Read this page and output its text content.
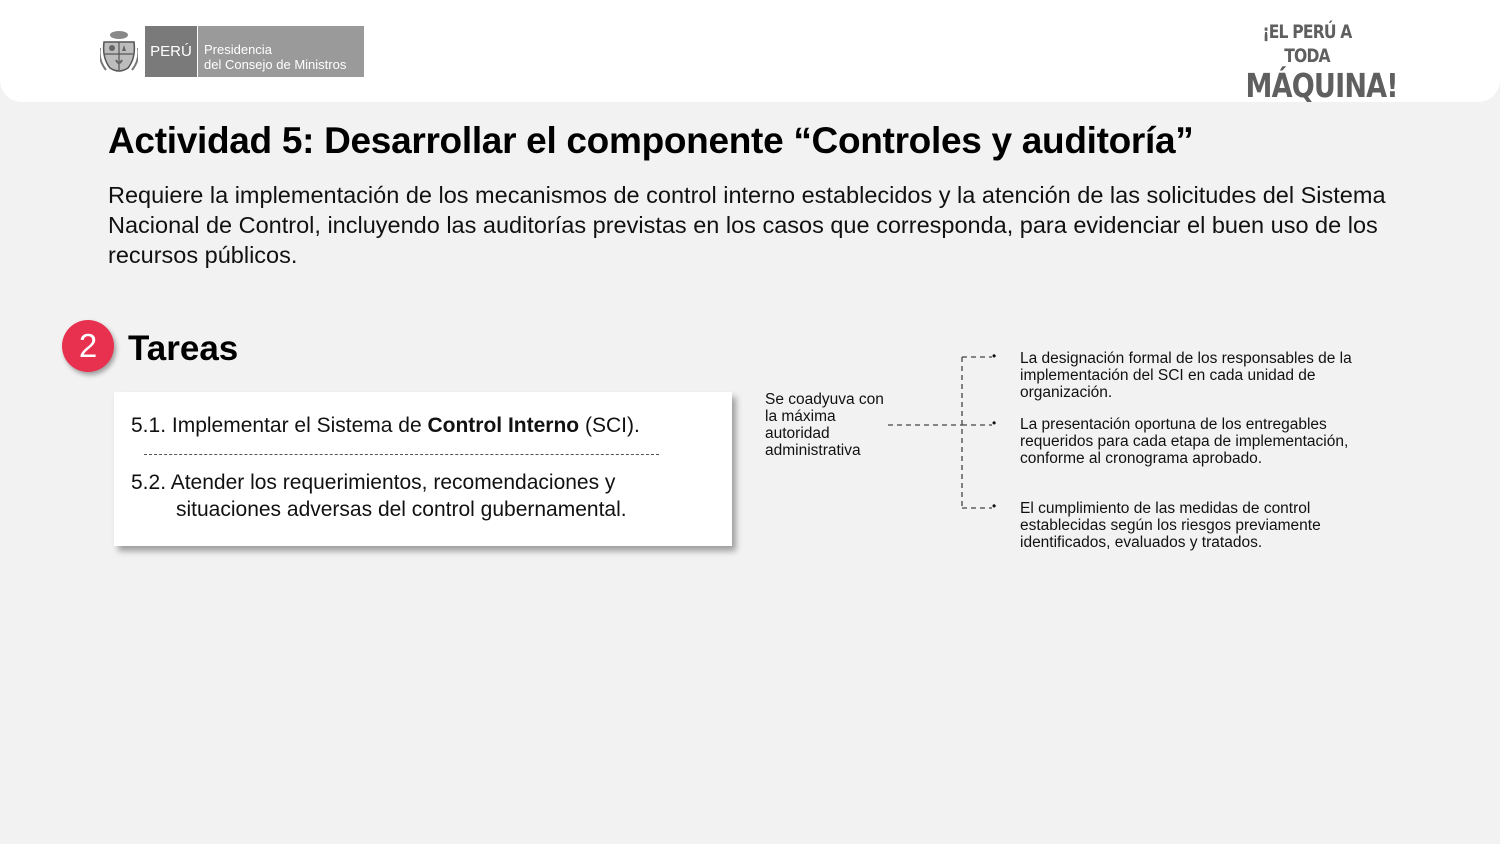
PERÚ Presidencia
del Consejo de Ministros
¡EL PERÚ A TODA
MÁQUINA!
Actividad 5: Desarrollar el componente “Controles y auditoría”

Requiere la implementación de los mecanismos de control interno establecidos y la atención de las solicitudes del Sistema Nacional de Control, incluyendo las auditorías previstas en los casos que corresponda, para evidenciar el buen uso de los recursos públicos.

2 Tareas
5.1. Implementar el Sistema de Control Interno (SCI).
5.2. Atender los requerimientos, recomendaciones y
situaciones adversas del control gubernamental.
Se coadyuva con la máxima autoridad administrativa
• La designación formal de los responsables de la implementación del SCI en cada unidad de organización.
• La presentación oportuna de los entregables requeridos para cada etapa de implementación, conforme al cronograma aprobado.
• El cumplimiento de las medidas de control establecidas según los riesgos previamente identificados, evaluados y tratados.
